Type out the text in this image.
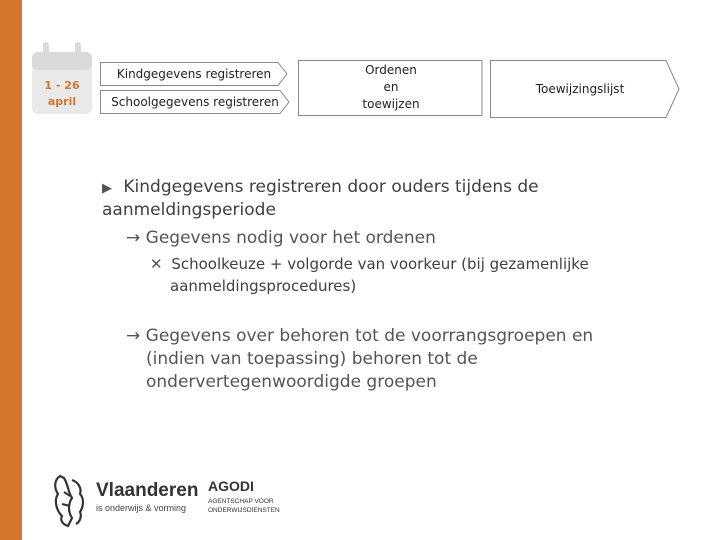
1 - 26
april
Kindgegevens registreren
Schoolgegevens registreren
Ordenen
en
toewijzen
Toewijzingslijst
▶ Kindgegevens registreren door ouders tijdens de
aanmeldingsperiode
→ Gegevens nodig voor het ordenen
✕ Schoolkeuze + volgorde van voorkeur (bij gezamenlijke
aanmeldingsprocedures)
→ Gegevens over behoren tot de voorrangsgroepen en
(indien van toepassing) behoren tot de
ondervertegenwoordigde groepen
Vlaanderen
is onderwijs & vorming
AGODI
AGENTSCHAP VOOR
ONDERWIJSDIENSTEN
